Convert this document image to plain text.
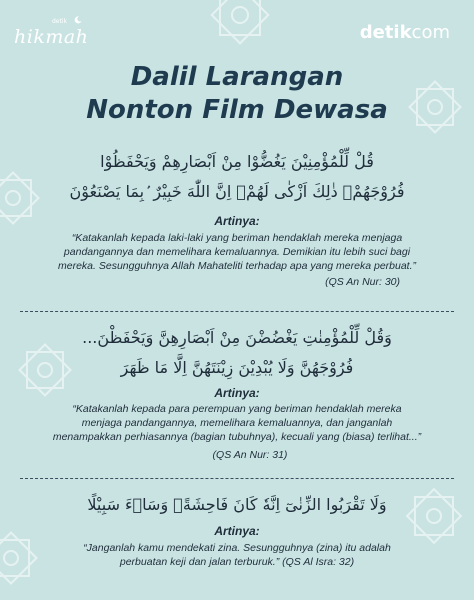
detik
hikmah	detikcom
Dalil Larangan
Nonton Film Dewasa
قُلْ لِّلْمُؤْمِنِيْنَ يَغُضُّوْا مِنْ اَبْصَارِهِمْ وَيَحْفَظُوْا
فُرُوْجَهُمْۗ ذٰلِكَ اَزْكٰى لَهُمْۗ اِنَّ اللّٰهَ خَبِيْرٌ ۢبِمَا يَصْنَعُوْنَ
Artinya:
“Katakanlah kepada laki-laki yang beriman hendaklah mereka menjaga
pandangannya dan memelihara kemaluannya. Demikian itu lebih suci bagi
mereka. Sesungguhnya Allah Mahateliti terhadap apa yang mereka perbuat.”
(QS An Nur: 30)
وَقُلْ لِّلْمُؤْمِنٰتِ يَغْضُضْنَ مِنْ اَبْصَارِهِنَّ وَيَحْفَظْنَ...
فُرُوْجَهُنَّ وَلَا يُبْدِيْنَ زِيْنَتَهُنَّ اِلَّا مَا ظَهَرَ
Artinya:
“Katakanlah kepada para perempuan yang beriman hendaklah mereka
menjaga pandangannya, memelihara kemaluannya, dan janganlah
menampakkan perhiasannya (bagian tubuhnya), kecuali yang (biasa) terlihat...”
(QS An Nur: 31)
وَلَا تَقْرَبُوا الزِّنٰىٓ اِنَّهٗ كَانَ فَاحِشَةًۗ وَسَاۤءَ سَبِيْلًا
Artinya:
“Janganlah kamu mendekati zina. Sesungguhnya (zina) itu adalah
perbuatan keji dan jalan terburuk.” (QS Al Isra: 32)
